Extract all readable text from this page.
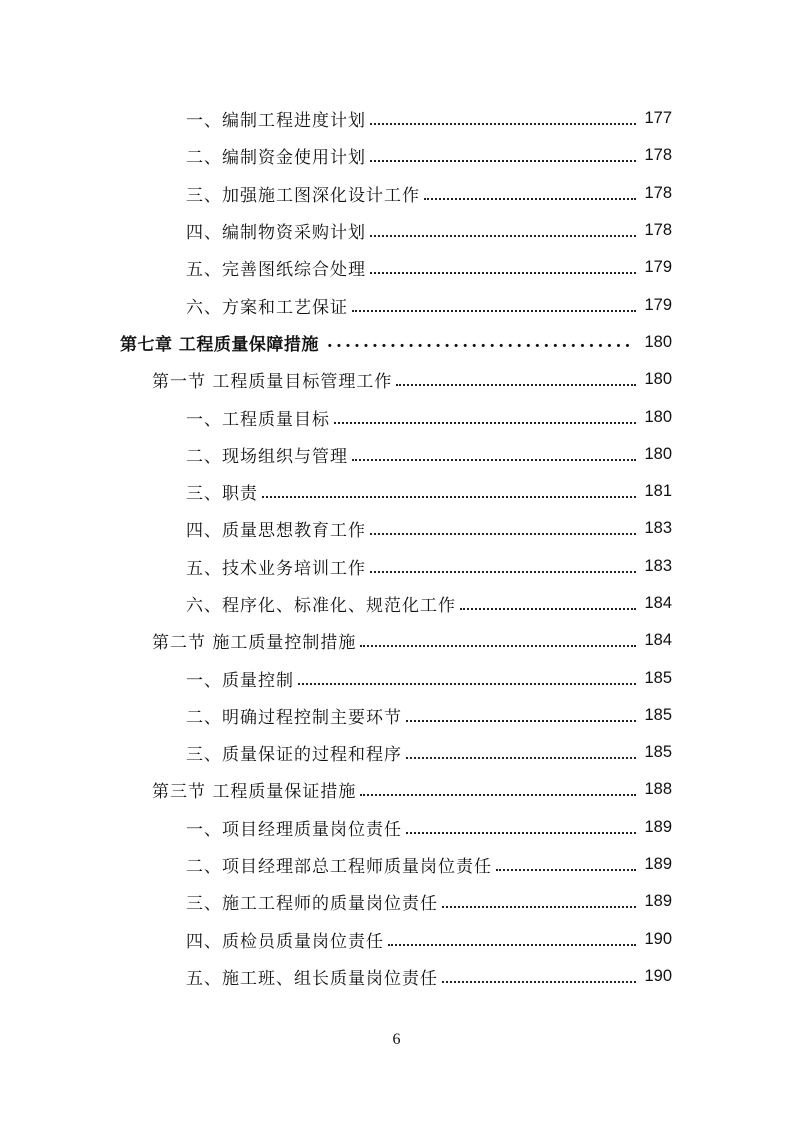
一、编制工程进度计划	177
二、编制资金使用计划	178
三、加强施工图深化设计工作	178
四、编制物资采购计划	178
五、完善图纸综合处理	179
六、方案和工艺保证	179
第七章 工程质量保障措施 .....	180
第一节 工程质量目标管理工作	180
一、工程质量目标	180
二、现场组织与管理	180
三、职责	181
四、质量思想教育工作	183
五、技术业务培训工作	183
六、程序化、标准化、规范化工作	184
第二节 施工质量控制措施	184
一、质量控制	185
二、明确过程控制主要环节	185
三、质量保证的过程和程序	185
第三节 工程质量保证措施	188
一、项目经理质量岗位责任	189
二、项目经理部总工程师质量岗位责任	189
三、施工工程师的质量岗位责任	189
四、质检员质量岗位责任	190
五、施工班、组长质量岗位责任	190
6
